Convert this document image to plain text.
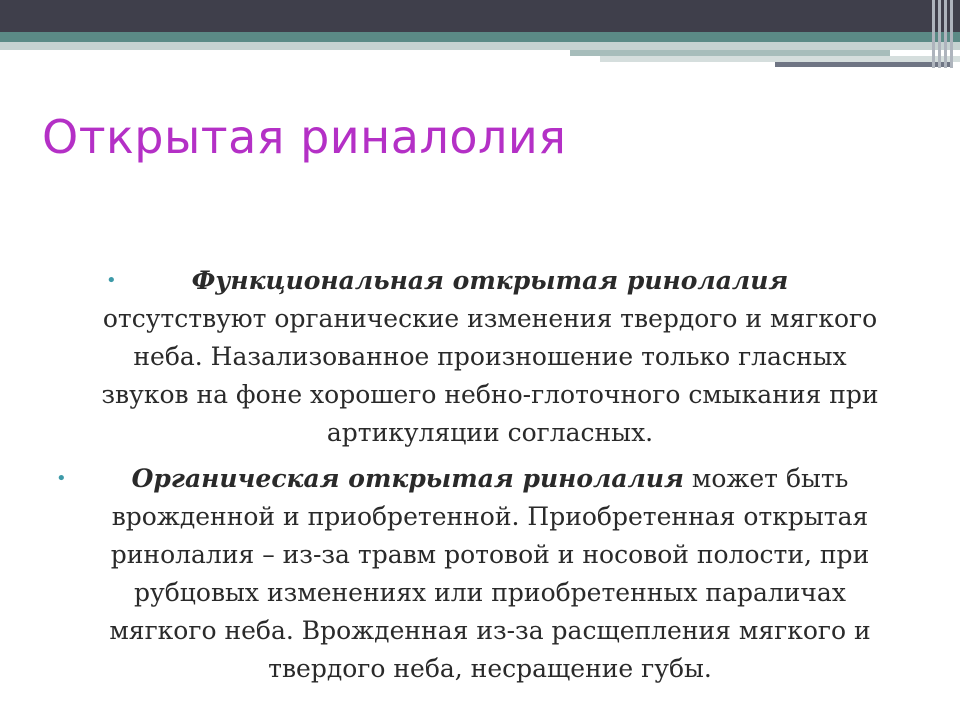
Открытая риналолия
•	Функциональная открытая ринолалия
отсутствуют органические изменения твердого и мягкого
неба. Назализованное произношение только гласных
звуков на фоне хорошего небно-глоточного смыкания при
артикуляции согласных.
•	Органическая открытая ринолалия может быть
врожденной и приобретенной. Приобретенная открытая
ринолалия – из-за травм ротовой и носовой полости, при
рубцовых изменениях или приобретенных параличах
мягкого неба. Врожденная из-за расщепления мягкого и
твердого неба, несращение губы.
